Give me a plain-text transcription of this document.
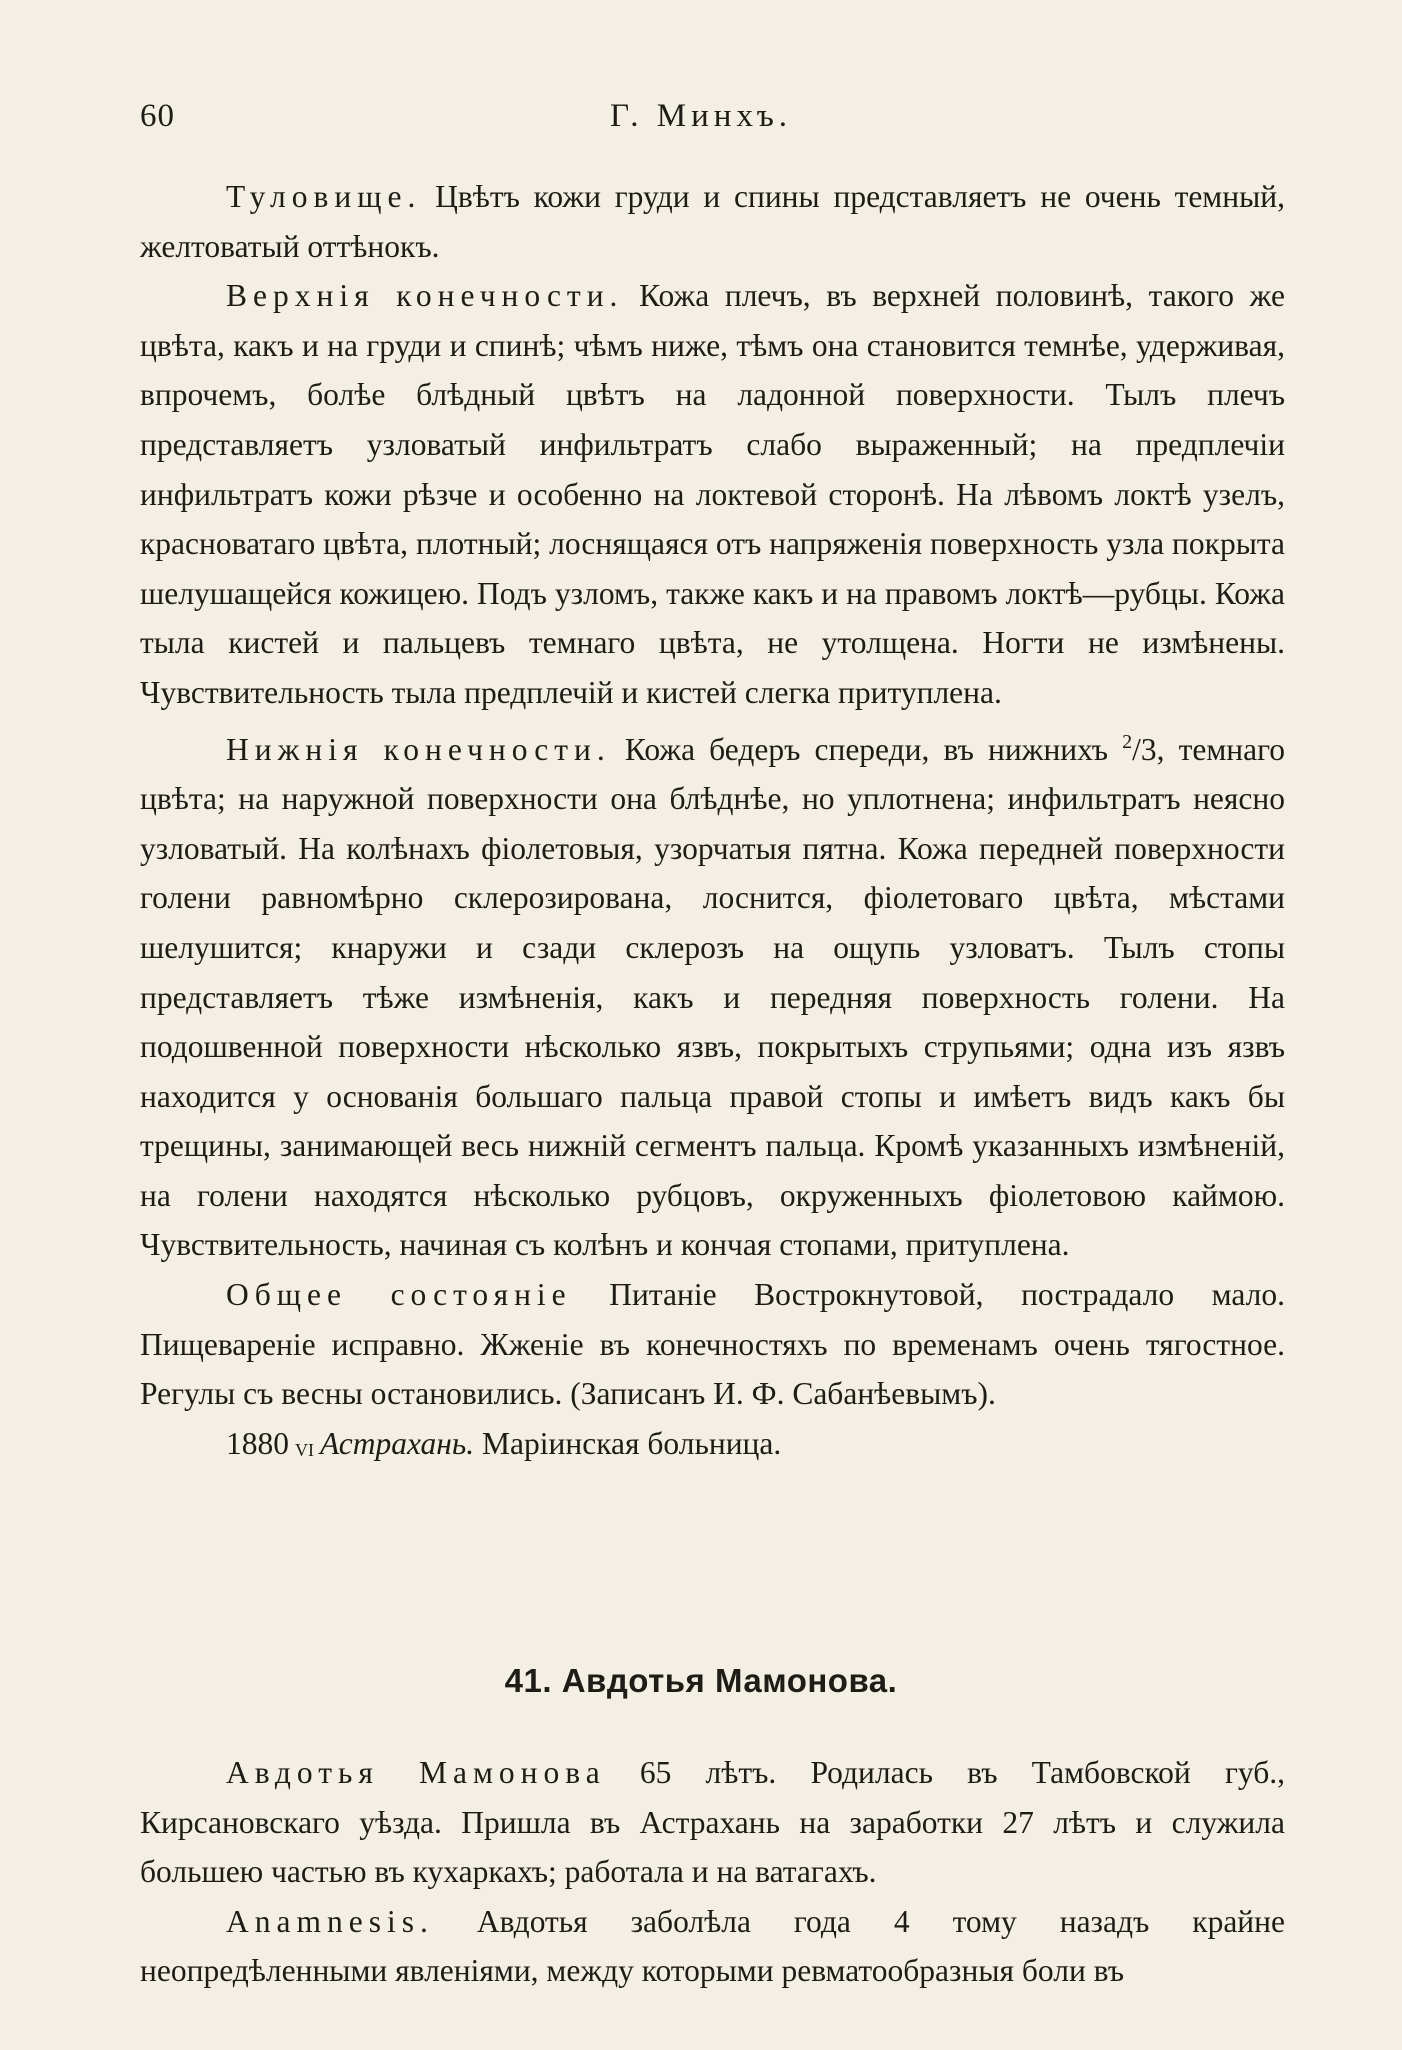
60	Г. Минхъ.

Туловище. Цвѣтъ кожи груди и спины представляетъ не очень темный, желтоватый оттѣнокъ.

Верхнія конечности. Кожа плечъ, въ верхней половинѣ, такого же цвѣта, какъ и на груди и спинѣ; чѣмъ ниже, тѣмъ она становится темнѣе, удерживая, впрочемъ, болѣе блѣдный цвѣтъ на ладонной поверхности. Тылъ плечъ представляетъ узловатый инфильтратъ слабо выраженный; на предплечіи инфильтратъ кожи рѣзче и особенно на локтевой сторонѣ. На лѣвомъ локтѣ узелъ, красноватаго цвѣта, плотный; лоснящаяся отъ напряженія поверхность узла покрыта шелушащейся кожицею. Подъ узломъ, также какъ и на правомъ локтѣ—рубцы. Кожа тыла кистей и пальцевъ темнаго цвѣта, не утолщена. Ногти не измѣнены. Чувствительность тыла предплечій и кистей слегка притуплена.

Нижнія конечности. Кожа бедеръ спереди, въ нижнихъ $^2$/3, темнаго цвѣта; на наружной поверхности она блѣднѣе, но уплотнена; инфильтратъ неясно узловатый. На колѣнахъ фіолетовыя, узорчатыя пятна. Кожа передней поверхности голени равномѣрно склерозирована, лоснится, фіолетоваго цвѣта, мѣстами шелушится; кнаружи и сзади склерозъ на ощупь узловатъ. Тылъ стопы представляетъ тѣже измѣненія, какъ и передняя поверхность голени. На подошвенной поверхности нѣсколько язвъ, покрытыхъ струпьями; одна изъ язвъ находится у основанія большаго пальца правой стопы и имѣетъ видъ какъ бы трещины, занимающей весь нижній сегментъ пальца. Кромѣ указанныхъ измѣненій, на голени находятся нѣсколько рубцовъ, окруженныхъ фіолетовою каймою. Чувствительность, начиная съ колѣнъ и кончая стопами, притуплена.

Общее состояніе Питаніе Вострокнутовой, пострадало мало. Пищевареніе исправно. Жженіе въ конечностяхъ по временамъ очень тягостное. Регулы съ весны остановились. (Записанъ И. Ф. Сабанѣевымъ).

1880 VI Астрахань. Маріинская больница.

41. Авдотья Мамонова.

Авдотья Мамонова 65 лѣтъ. Родилась въ Тамбовской губ., Кирсановскаго уѣзда. Пришла въ Астрахань на заработки 27 лѣтъ и служила большею частью въ кухаркахъ; работала и на ватагахъ.

Anamnesis. Авдотья заболѣла года 4 тому назадъ крайне неопредѣленными явленіями, между которыми ревматообразныя боли въ
